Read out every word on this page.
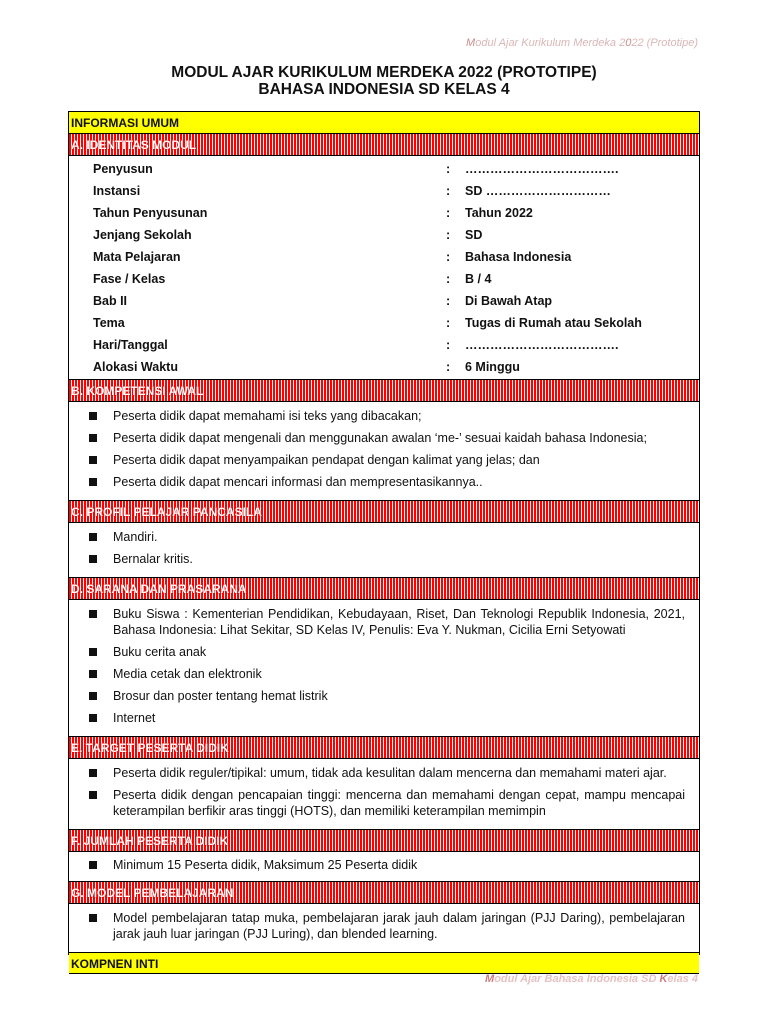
Modul Ajar Kurikulum Merdeka 2022 (Prototipe)
MODUL AJAR KURIKULUM MERDEKA 2022 (PROTOTIPE)
BAHASA INDONESIA SD KELAS 4
INFORMASI UMUM
A. IDENTITAS MODUL
Penyusun	: ……………………………….
Instansi	: SD …………………………
Tahun Penyusunan	: Tahun 2022
Jenjang Sekolah	: SD
Mata Pelajaran	: Bahasa Indonesia
Fase / Kelas	: B / 4
Bab II	: Di Bawah Atap
Tema	: Tugas di Rumah atau Sekolah
Hari/Tanggal	: ……………………………….
Alokasi Waktu	: 6 Minggu
B. KOMPETENSI AWAL
Peserta didik dapat memahami isi teks yang dibacakan;
Peserta didik dapat mengenali dan menggunakan awalan ‘me-’ sesuai kaidah bahasa Indonesia;
Peserta didik dapat menyampaikan pendapat dengan kalimat yang jelas; dan
Peserta didik dapat mencari informasi dan mempresentasikannya..
C. PROFIL PELAJAR PANCASILA
Mandiri.
Bernalar kritis.
D. SARANA DAN PRASARANA
Buku Siswa : Kementerian Pendidikan, Kebudayaan, Riset, Dan Teknologi Republik Indonesia, 2021, Bahasa Indonesia: Lihat Sekitar, SD Kelas IV, Penulis: Eva Y. Nukman, Cicilia Erni Setyowati
Buku cerita anak
Media cetak dan elektronik
Brosur dan poster tentang hemat listrik
Internet
E. TARGET PESERTA DIDIK
Peserta didik reguler/tipikal: umum, tidak ada kesulitan dalam mencerna dan memahami materi ajar.
Peserta didik dengan pencapaian tinggi: mencerna dan memahami dengan cepat, mampu mencapai keterampilan berfikir aras tinggi (HOTS), dan memiliki keterampilan memimpin
F. JUMLAH PESERTA DIDIK
Minimum 15 Peserta didik, Maksimum 25 Peserta didik
G. MODEL PEMBELAJARAN
Model pembelajaran tatap muka, pembelajaran jarak jauh dalam jaringan (PJJ Daring), pembelajaran jarak jauh luar jaringan (PJJ Luring), dan blended learning.
KOMPNEN INTI
Modul Ajar Bahasa Indonesia SD Kelas 4
